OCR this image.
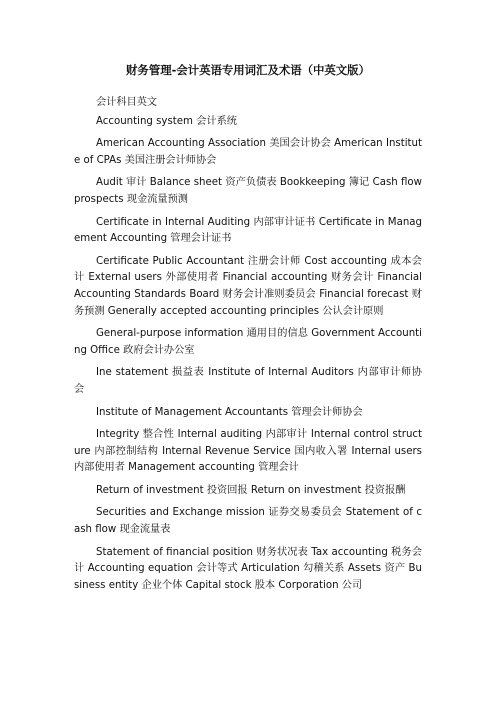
财务管理-会计英语专用词汇及术语（中英文版）

会计科目英文

Accounting system 会计系统

American Accounting Association 美国会计协会 American Institute of CPAs 美国注册会计师协会

Audit 审计 Balance sheet 资产负债表 Bookkeeping 簿记 Cash flow prospects 现金流量预测

Certificate in Internal Auditing 内部审计证书 Certificate in Management Accounting 管理会计证书

Certificate Public Accountant 注册会计师 Cost accounting 成本会计 External users 外部使用者 Financial accounting 财务会计 Financial Accounting Standards Board 财务会计准则委员会 Financial forecast 财务预测 Generally accepted accounting principles 公认会计原则

General-purpose information 通用目的信息 Government Accounting Office 政府会计办公室

Ine statement 损益表 Institute of Internal Auditors 内部审计师协会

Institute of Management Accountants 管理会计师协会

Integrity 整合性 Internal auditing 内部审计 Internal control structure 内部控制结构 Internal Revenue Service 国内收入署 Internal users 内部使用者 Management accounting 管理会计

Return of investment 投资回报 Return on investment 投资报酬

Securities and Exchange mission 证券交易委员会 Statement of cash flow 现金流量表

Statement of financial position 财务状况表 Tax accounting 税务会计 Accounting equation 会计等式 Articulation 勾稽关系 Assets 资产 Business entity 企业个体 Capital stock 股本 Corporation 公司
